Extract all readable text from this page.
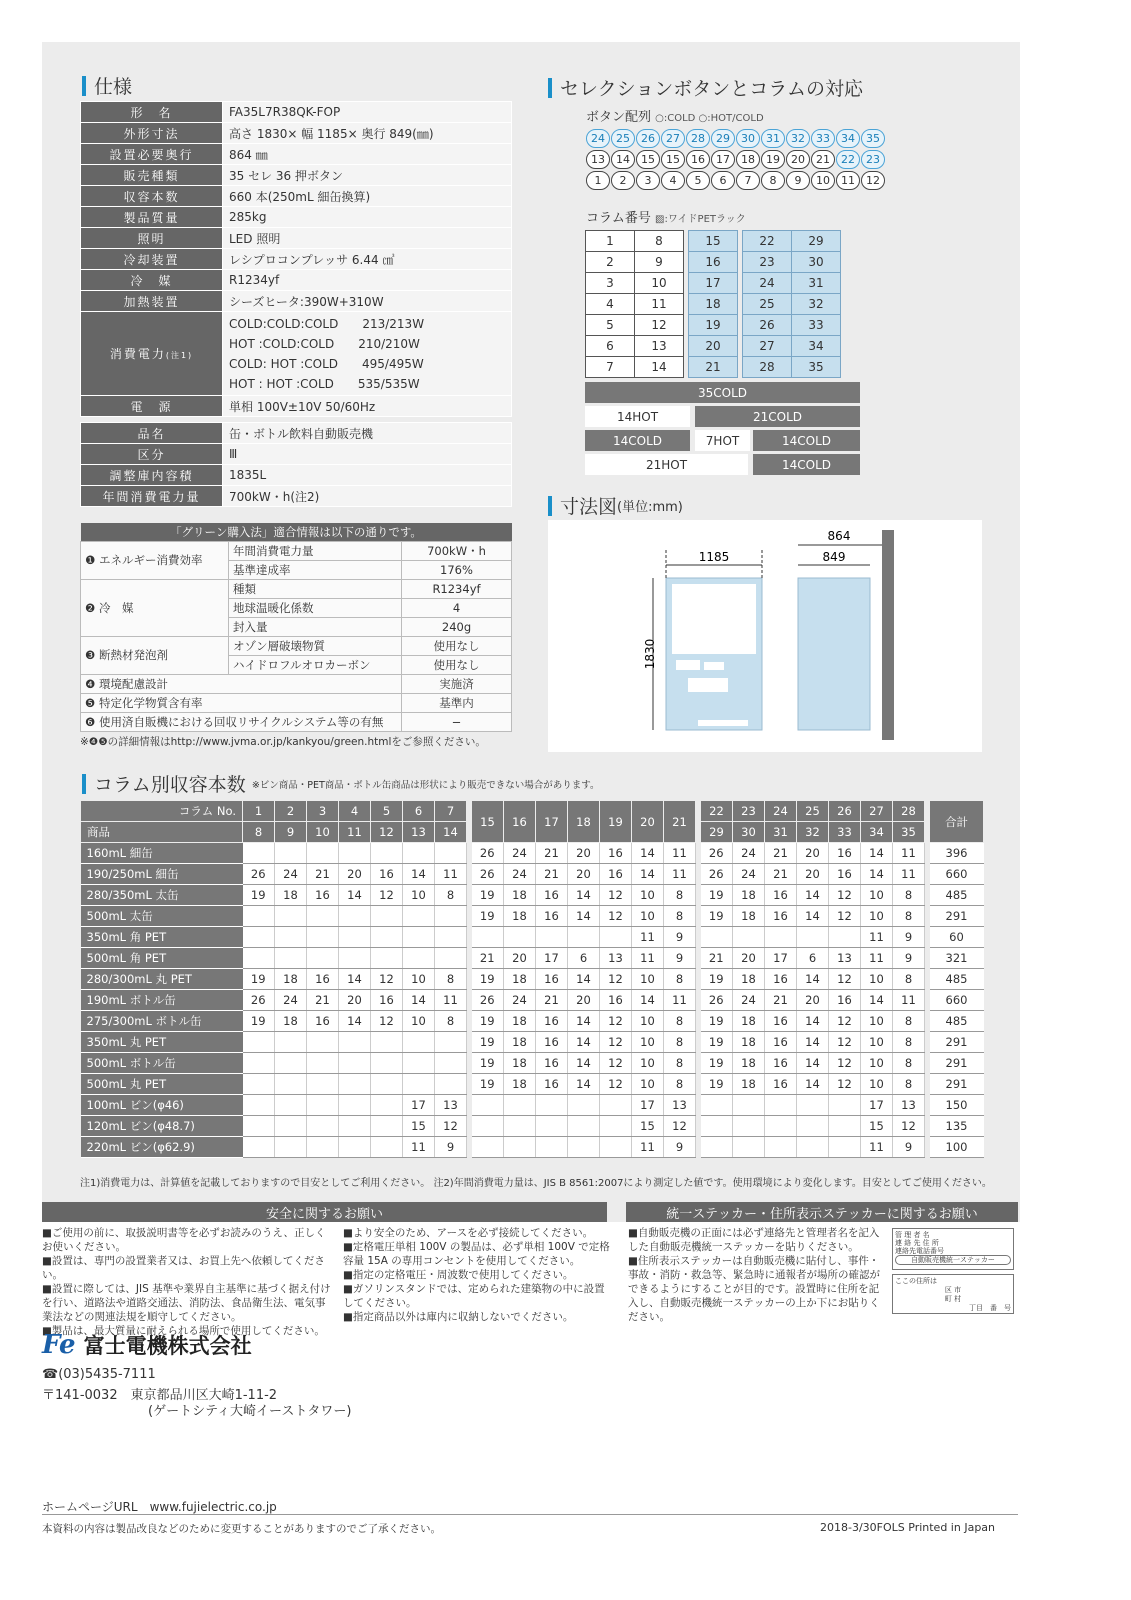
仕様
形　名	FA35L7R38QK-FOP
外形寸法	高さ 1830× 幅 1185× 奥行 849(㎜)
設置必要奥行	864 ㎜
販売種類	35 セレ 36 押ボタン
収容本数	660 本(250mL 細缶換算)
製品質量	285kg
照明	LED 照明
冷却装置	レシプロコンプレッサ 6.44 ㎤
冷　媒	R1234yf
加熱装置	シーズヒータ:390W+310W
消費電力(注1)	COLD:COLD:COLD　　213/213W
HOT :COLD:COLD　　210/210W
COLD: HOT :COLD　　495/495W
HOT : HOT :COLD　　535/535W

電　源	単相 100V±10V 50/60Hz

品名	缶・ボトル飲料自動販売機
区分	Ⅲ
調整庫内容積	1835L
年間消費電力量	700kW・h(注2)
「グリーン購入法」適合情報は以下の通りです。		
❶ エネルギー消費効率	年間消費電力量	700kW・h
	基準達成率	176%
❷ 冷　媒	種類	R1234yf
	地球温暖化係数	4
	封入量	240g
❸ 断熱材発泡剤	オゾン層破壊物質	使用なし
	ハイドロフルオロカーボン	使用なし
❹ 環境配慮設計		実施済
❺ 特定化学物質含有率		基準内
❻ 使用済自販機における回収リサイクルシステム等の有無		−
※❹❺の詳細情報はhttp://www.jvma.or.jp/kankyou/green.htmlをご参照ください。
セレクションボタンとコラムの対応
ボタン配列 ○:COLD ○:HOT/COLD
24	25	26	27	28	29	30	31	32	33	34	35
13	14	15	15	16	17	18	19	20	21	22	23
1	2	3	4	5	6	7	8	9	10	11	12
コラム番号 ▨:ワイドPETラック
1	8		15		22	29
2	9		16		23	30
3	10		17		24	31
4	11		18		25	32
5	12		19		26	33
6	13		20		27	34
7	14		21		28	35
35COLD
14HOT	21COLD
14COLD	7HOT	14COLD
21HOT	14COLD
寸法図 (単位:mm)
1185
1830
864
849
コラム別収容本数 ※ビン商品・PET商品・ボトル缶商品は形状により販売できない場合があります。
コラム No.	1	2	3	4	5	6	7		15	16	17	18	19	20	21		22	23	24	25	26	27	28		合計
商品	8	9	10	11	12	13	14										29	30	31	32	33	34	35		
160mL 細缶									26	24	21	20	16	14	11		26	24	21	20	16	14	11		396
190/250mL 細缶	26	24	21	20	16	14	11		26	24	21	20	16	14	11		26	24	21	20	16	14	11		660
280/350mL 太缶	19	18	16	14	12	10	8		19	18	16	14	12	10	8		19	18	16	14	12	10	8		485
500mL 太缶									19	18	16	14	12	10	8		19	18	16	14	12	10	8		291
350mL 角 PET														11	9							11	9		60
500mL 角 PET									21	20	17	6	13	11	9		21	20	17	6	13	11	9		321
280/300mL 丸 PET	19	18	16	14	12	10	8		19	18	16	14	12	10	8		19	18	16	14	12	10	8		485
190mL ボトル缶	26	24	21	20	16	14	11		26	24	21	20	16	14	11		26	24	21	20	16	14	11		660
275/300mL ボトル缶	19	18	16	14	12	10	8		19	18	16	14	12	10	8		19	18	16	14	12	10	8		485
350mL 丸 PET									19	18	16	14	12	10	8		19	18	16	14	12	10	8		291
500mL ボトル缶									19	18	16	14	12	10	8		19	18	16	14	12	10	8		291
500mL 丸 PET									19	18	16	14	12	10	8		19	18	16	14	12	10	8		291
100mL ビン(φ46)						17	13							17	13							17	13		150
120mL ビン(φ48.7)						15	12							15	12							15	12		135
220mL ビン(φ62.9)						11	9							11	9							11	9		100
注1)消費電力は、計算値を記載しておりますので目安としてご利用ください。 注2)年間消費電力量は、JIS B 8561:2007により測定した値です。使用環境により変化します。目安としてご使用ください。
安全に関するお願い
■ご使用の前に、取扱説明書等を必ずお読みのうえ、正しくお使いください。
■設置は、専門の設置業者又は、お買上先へ依頼してください。
■設置に際しては、JIS 基準や業界自主基準に基づく据え付けを行い、道路法や道路交通法、消防法、食品衛生法、電気事業法などの関連法規を順守してください。
■製品は、最大質量に耐えられる場所で使用してください。
■より安全のため、アースを必ず接続してください。
■定格電圧単相 100V の製品は、必ず単相 100V で定格容量 15A の専用コンセントを使用してください。
■指定の定格電圧・周波数で使用してください。
■ガソリンスタンドでは、定められた建築物の中に設置してください。
■指定商品以外は庫内に収納しないでください。
統一ステッカー・住所表示ステッカーに関するお願い
■自動販売機の正面には必ず連絡先と管理者名を記入した自動販売機統一ステッカーを貼りください。
■住所表示ステッカーは自動販売機に貼付し、事件・事故・消防・救急等、緊急時に通報者が場所の確認ができるようにすることが目的です。設置時に住所を記入し、自動販売機統一ステッカーの上か下にお貼りください。
管 理 者 名
連 絡 先 住 所
連絡先電話番号
自動販売機統一ステッカー
ここの住所は
区 市
町 村
丁目　番　号
Fe 富士電機株式会社
☎(03)5435-7111
〒141-0032　東京都品川区大崎1-11-2
(ゲートシティ大崎イーストタワー)
ホームページURL　www.fujielectric.co.jp
本資料の内容は製品改良などのために変更することがありますのでご了承ください。	2018-3/30FOLS Printed in Japan
